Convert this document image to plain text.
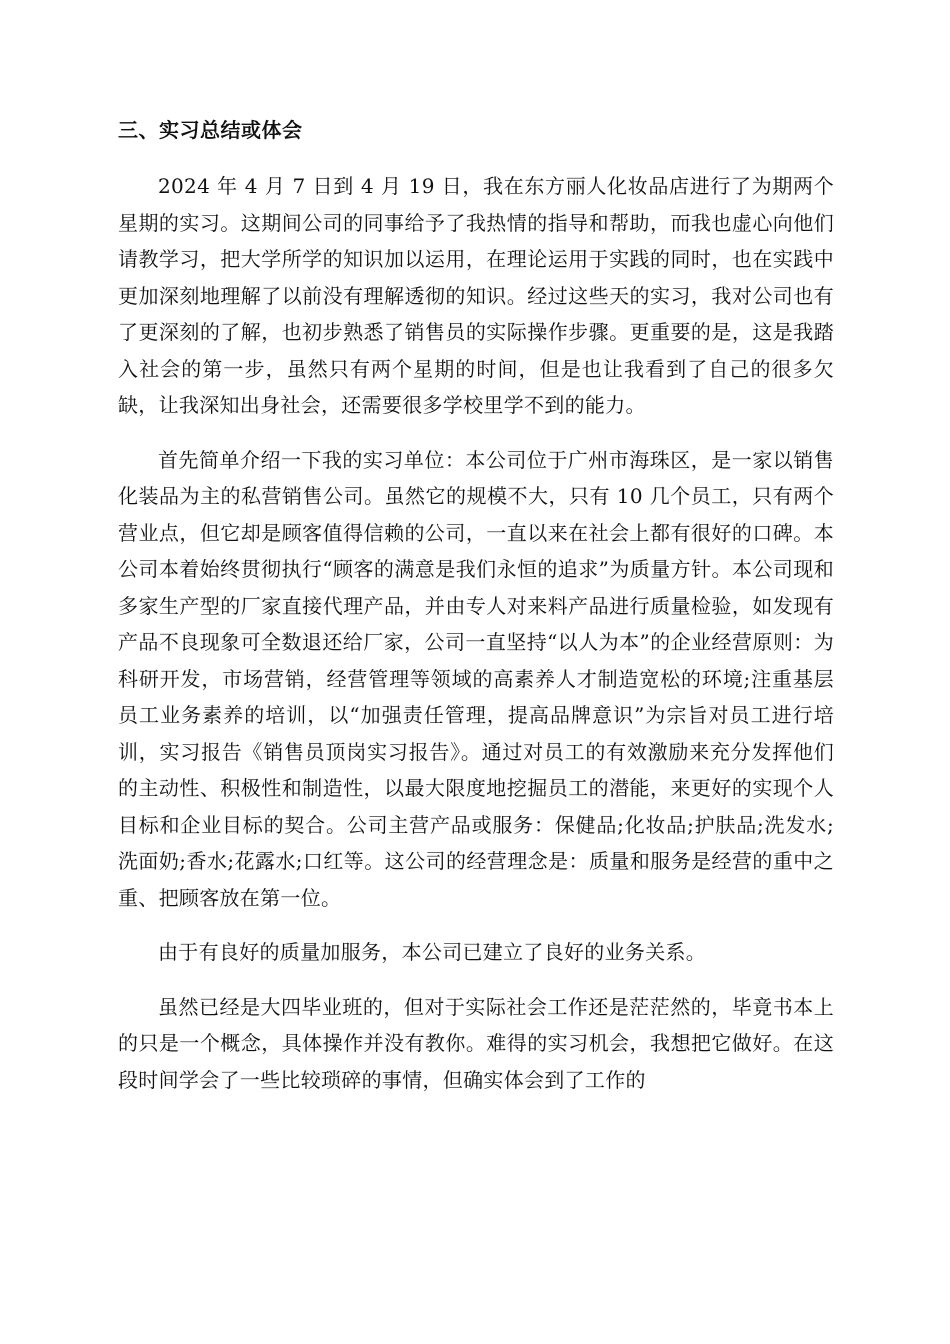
三、实习总结或体会

2024 年 4 月 7 日到 4 月 19 日，我在东方丽人化妆品店进行了为期两个星期的实习。这期间公司的同事给予了我热情的指导和帮助，而我也虚心向他们请教学习，把大学所学的知识加以运用，在理论运用于实践的同时，也在实践中更加深刻地理解了以前没有理解透彻的知识。经过这些天的实习，我对公司也有了更深刻的了解，也初步熟悉了销售员的实际操作步骤。更重要的是，这是我踏入社会的第一步，虽然只有两个星期的时间，但是也让我看到了自己的很多欠缺，让我深知出身社会，还需要很多学校里学不到的能力。

首先简单介绍一下我的实习单位：本公司位于广州市海珠区，是一家以销售化装品为主的私营销售公司。虽然它的规模不大，只有 10 几个员工，只有两个营业点，但它却是顾客值得信赖的公司，一直以来在社会上都有很好的口碑。本公司本着始终贯彻执行“顾客的满意是我们永恒的追求”为质量方针。本公司现和多家生产型的厂家直接代理产品，并由专人对来料产品进行质量检验，如发现有产品不良现象可全数退还给厂家，公司一直坚持“以人为本”的企业经营原则：为科研开发，市场营销，经营管理等领域的高素养人才制造宽松的环境;注重基层员工业务素养的培训，以“加强责任管理，提高品牌意识”为宗旨对员工进行培训，实习报告《销售员顶岗实习报告》。通过对员工的有效激励来充分发挥他们的主动性、积极性和制造性，以最大限度地挖掘员工的潜能，来更好的实现个人目标和企业目标的契合。公司主营产品或服务：保健品;化妆品;护肤品;洗发水;洗面奶;香水;花露水;口红等。这公司的经营理念是：质量和服务是经营的重中之重、把顾客放在第一位。

由于有良好的质量加服务，本公司已建立了良好的业务关系。

虽然已经是大四毕业班的，但对于实际社会工作还是茫茫然的，毕竟书本上的只是一个概念，具体操作并没有教你。难得的实习机会，我想把它做好。在这段时间学会了一些比较琐碎的事情，但确实体会到了工作的
